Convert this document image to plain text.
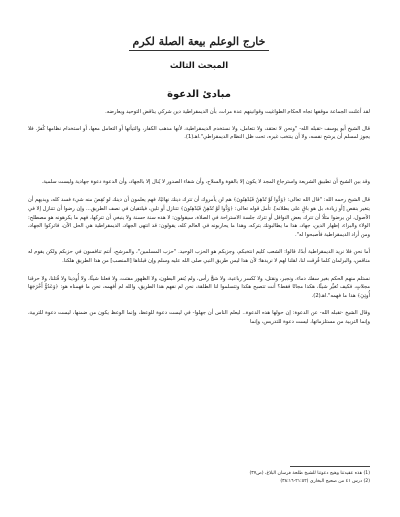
خارج الوعلم بيعة الصلة لكرم
المبحث الثالث
مبادئ الدعوة

لقد أعلنت الجماعة موقفها تجاه الحكام الطواغيت وقوانينهم عدة مرات، بأن الديمقراطية دين شركي يناقض التوحيد ويعارضه.

قال الشيخ أبو يوسف -تقبله الله- "ونحن لا نعتقد، ولا نتعامل، ولا نستخدم الديمقراطية، لأنها مذهب الكفار، والتيأتها أو التعامل معها، أو استخدام نظامها كُفرٌ. فلا يجوز لمسلم أن يرشح نفسه، ولا أن ينتخب غيره، تحت ظل النظام الديمقراطي".اهـ(1).

وقد بين الشيخ أن تطبيق الشريعة واسترجاع المجد لا يكون إلا بالقوة والسلاح، وأن شفاء الصدور لا يُنال إلا بالجهاد، وأن الدعوة دعوة جهادية وليست سلمية.

قال الشيخ رحمه الله: "قال الله تعالى: ﴿وَدُّوا لَوْ تُدْهِنُ فَيُدْهِنُونَ﴾ هم لن يأمروك أن تترك دينك نهائيًا، فهم يعلمون أن دينك لو نُقِصَ منه شيء فسد كله، ويديهم أن يتغير بنقص [أو زيادة، بل هو باقٍ على بطلانه]. تأمل قوله تعالى: ﴿وَدُّوا لَوْ تُدْهِنُ فَيُدْهِنُونَ﴾ تتنازل أو تلين، فيلتقيان في نصف الطريق... وإن رضوا أن تتنازل إلا في الأصول، لن يرضوا مثلًا أن تترك بعض النوافل أو تترك جلسة الاستراحة في الصلاة، سيقولون: لا هذه سنة حسنة ولا ينبغي أن تتركها، فهم ما يكرهونه هو مصطلح: الولاء والبراء، إظهار الدين، جهاد، هذا ما يطالبونك بتركه، وهذا ما يحاربونه في العالم كله، يقولون: قد انتهى الجهاد، الديمقراطية هي الحل الآن، فاتركوا الجهاد، ومن أراد الديمقراطية فأصبحوا له".

أما نحن فلا نريد الديمقراطية أبدًا، قالوا: الشعب كليم انتخبكم، وجزبكم هو الحزب الوحيد. "حزب المسلمين"، والمرشح، أنتم تنافسون في حزبكم ولكن يقوم له مناقس، والبرلمان كلما فُرِقت لنا، لقلنا لهم لا نريدها؛ لأن هذا ليس طريق النبي صلى الله عليه وسلم وإن قبلناها [المنصب] من هذا الطريق هلكنا.

نستلم منهم الحكم بغير سفك دماء، ونجبر، ونقتل، ولا نُكسر رباعية، ولا شجَّ رأس، ولم يُنفر البطون، ولا الظهور مفتت، ولا فعلنا شيئًا، ولا أُوذينا ولا قُتلنا، ولا حرقنا مجلاتٍ، فكيف نُغيِّر شيئًا، هكذا مجانًا فقط؟ أنت تتصبح هكذا وتتسلموا لنا الطلقة، نحن لم نفهم هذا الطريق، والله لم أفهمه، نحن ما فهمناه هو: ﴿وَعَدُوٌّ أَخْرَجَهَا أُوتِيَ﴾ هذا ما فهمه".اهـ(2).

وقال الشيخ -تقبله الله- عن الدعوة: إن حولها هذه الدعوة.. ليعلم الناس أن جهلوا- في ليست دعوة للوعظ، وإنما الوعظ يكون من ضمنها، ليست دعوة للتربية، وإنما التربية من مستلزماتها، ليست دعوة للتدريس، وإنما

(1) هذه عقيدتنا وهيج دعوتنا للشيخ طلحة فرسان البلاغ، (ص٣٧)

(2) درس ٤١ من صحيح البخاري (٢١:٥٢-٣٨:١٦)
